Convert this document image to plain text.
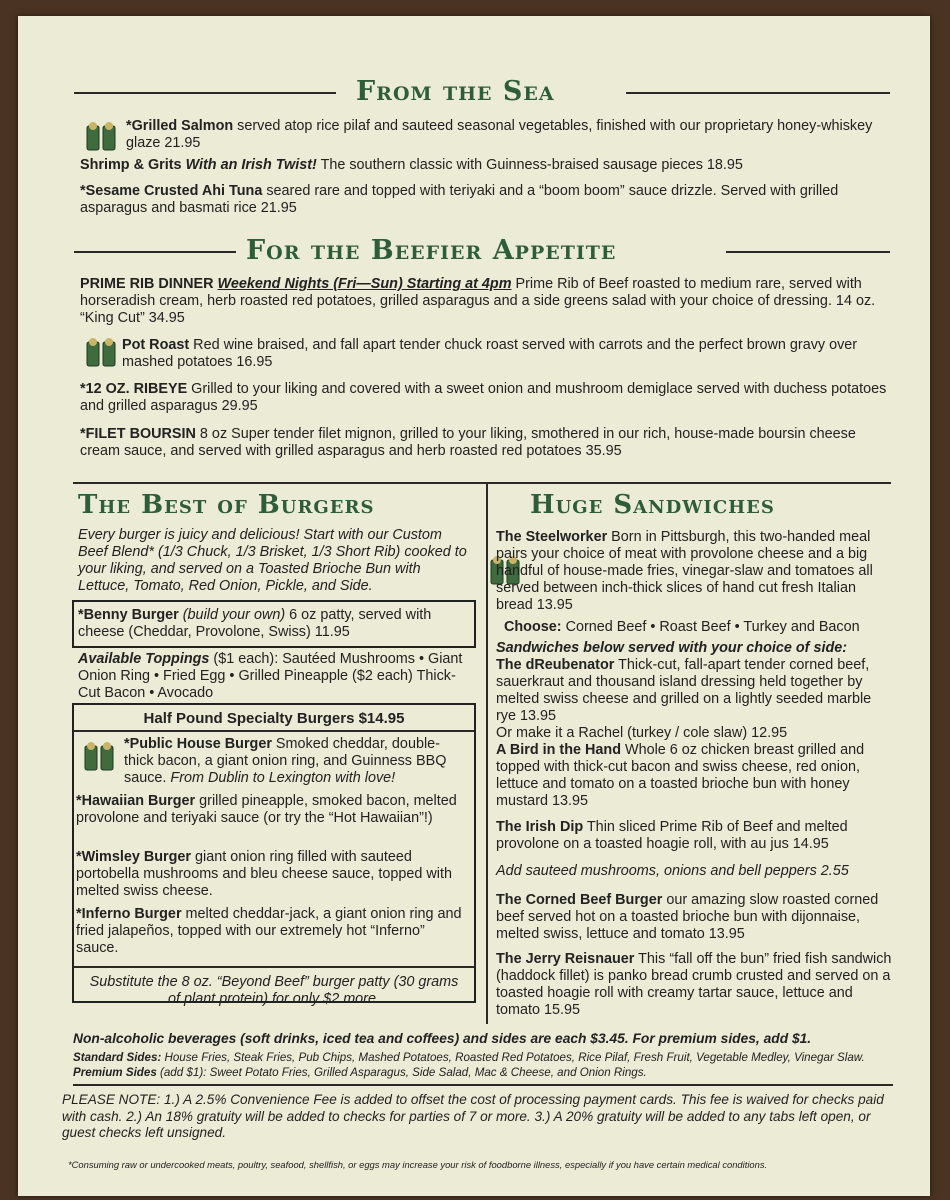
From the Sea
*Grilled Salmon served atop rice pilaf and sauteed seasonal vegetables, finished with our proprietary honey-whiskey glaze 21.95
Shrimp & Grits With an Irish Twist! The southern classic with Guinness-braised sausage pieces 18.95
*Sesame Crusted Ahi Tuna seared rare and topped with teriyaki and a “boom boom” sauce drizzle. Served with grilled asparagus and basmati rice 21.95
For the Beefier Appetite
PRIME RIB DINNER Weekend Nights (Fri—Sun) Starting at 4pm Prime Rib of Beef roasted to medium rare, served with horseradish cream, herb roasted red potatoes, grilled asparagus and a side greens salad with your choice of dressing. 14 oz. “King Cut” 34.95
Pot Roast Red wine braised, and fall apart tender chuck roast served with carrots and the perfect brown gravy over mashed potatoes 16.95
*12 OZ. RIBEYE Grilled to your liking and covered with a sweet onion and mushroom demiglace served with duchess potatoes and grilled asparagus 29.95
*FILET BOURSIN 8 oz Super tender filet mignon, grilled to your liking, smothered in our rich, house-made boursin cheese cream sauce, and served with grilled asparagus and herb roasted red potatoes 35.95
The Best of Burgers
Every burger is juicy and delicious! Start with our Custom Beef Blend* (1/3 Chuck, 1/3 Brisket, 1/3 Short Rib) cooked to your liking, and served on a Toasted Brioche Bun with Lettuce, Tomato, Red Onion, Pickle, and Side.
*Benny Burger (build your own) 6 oz patty, served with cheese (Cheddar, Provolone, Swiss) 11.95
Available Toppings ($1 each): Sautéed Mushrooms • Giant Onion Ring • Fried Egg • Grilled Pineapple ($2 each) Thick-Cut Bacon • Avocado
Half Pound Specialty Burgers $14.95
*Public House Burger Smoked cheddar, double-thick bacon, a giant onion ring, and Guinness BBQ sauce. From Dublin to Lexington with love!
*Hawaiian Burger grilled pineapple, smoked bacon, melted provolone and teriyaki sauce (or try the “Hot Hawaiian”!)
*Wimsley Burger giant onion ring filled with sauteed portobella mushrooms and bleu cheese sauce, topped with melted swiss cheese.
*Inferno Burger melted cheddar-jack, a giant onion ring and fried jalapeños, topped with our extremely hot “Inferno” sauce.
Substitute the 8 oz. “Beyond Beef” burger patty (30 grams of plant protein) for only $2 more.
Huge Sandwiches
The Steelworker Born in Pittsburgh, this two-handed meal pairs your choice of meat with provolone cheese and a big handful of house-made fries, vinegar-slaw and tomatoes all served between inch-thick slices of hand cut fresh Italian bread 13.95
Choose: Corned Beef • Roast Beef • Turkey and Bacon
Sandwiches below served with your choice of side:
The dReubenator Thick-cut, fall-apart tender corned beef, sauerkraut and thousand island dressing held together by melted swiss cheese and grilled on a lightly seeded marble rye 13.95
Or make it a Rachel (turkey / cole slaw) 12.95
A Bird in the Hand Whole 6 oz chicken breast grilled and topped with thick-cut bacon and swiss cheese, red onion, lettuce and tomato on a toasted brioche bun with honey mustard 13.95
The Irish Dip Thin sliced Prime Rib of Beef and melted provolone on a toasted hoagie roll, with au jus 14.95
Add sauteed mushrooms, onions and bell peppers 2.55
The Corned Beef Burger our amazing slow roasted corned beef served hot on a toasted brioche bun with dijonnaise, melted swiss, lettuce and tomato 13.95
The Jerry Reisnauer This “fall off the bun” fried fish sandwich (haddock fillet) is panko bread crumb crusted and served on a toasted hoagie roll with creamy tartar sauce, lettuce and tomato 15.95
Non-alcoholic beverages (soft drinks, iced tea and coffees) and sides are each $3.45. For premium sides, add $1.
Standard Sides: House Fries, Steak Fries, Pub Chips, Mashed Potatoes, Roasted Red Potatoes, Rice Pilaf, Fresh Fruit, Vegetable Medley, Vinegar Slaw. Premium Sides (add $1): Sweet Potato Fries, Grilled Asparagus, Side Salad, Mac & Cheese, and Onion Rings.
PLEASE NOTE: 1.) A 2.5% Convenience Fee is added to offset the cost of processing payment cards. This fee is waived for checks paid with cash. 2.) An 18% gratuity will be added to checks for parties of 7 or more. 3.) A 20% gratuity will be added to any tabs left open, or guest checks left unsigned.
*Consuming raw or undercooked meats, poultry, seafood, shellfish, or eggs may increase your risk of foodborne illness, especially if you have certain medical conditions.
